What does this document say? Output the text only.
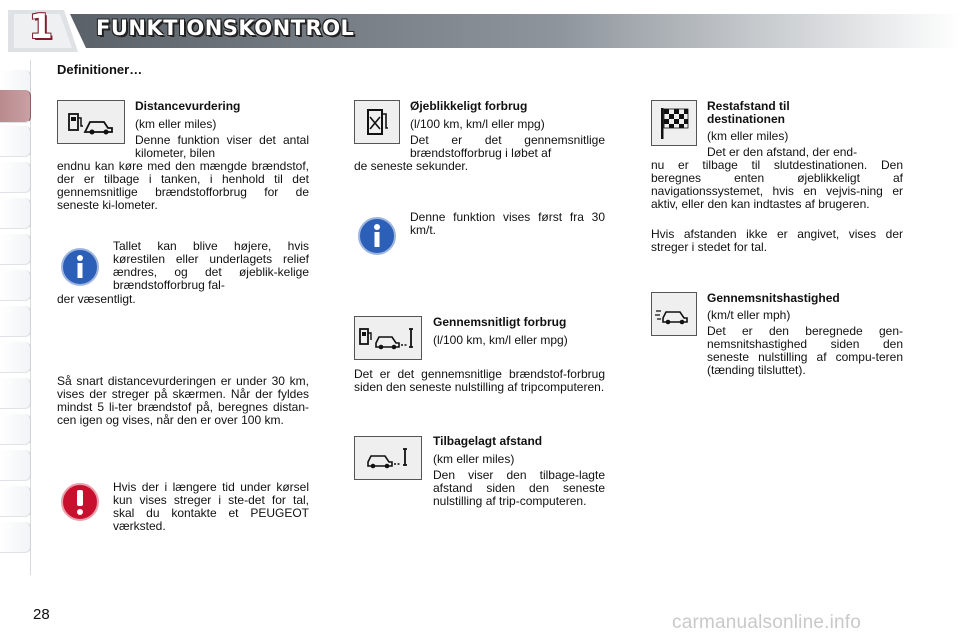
1	FUNKTIONSKONTROL
Definitioner…
Distancevurdering
(km eller miles)
Denne funktion viser det antal kilometer, bilen
endnu kan køre med den mængde brændstof, der er tilbage i tanken, i henhold til det gennemsnitlige brændstofforbrug for de seneste ki-lometer.
Tallet kan blive højere, hvis kørestilen eller underlagets relief ændres, og det øjeblik-kelige brændstofforbrug fal-
der væsentligt.
Så snart distancevurderingen er under 30 km, vises der streger på skærmen. Når der fyldes mindst 5 li-ter brændstof på, beregnes distan-cen igen og vises, når den er over 100 km.
Hvis der i længere tid under kørsel kun vises streger i ste-det for tal, skal du kontakte et PEUGEOT værksted.
Øjeblikkeligt forbrug
(l/100 km, km/l eller mpg)
Det er det gennemsnitlige brændstofforbrug i løbet af
de seneste sekunder.
Denne funktion vises først fra 30 km/t.
Gennemsnitligt forbrug
(l/100 km, km/l eller mpg)
Det er det gennemsnitlige brændstof-forbrug siden den seneste nulstilling af tripcomputeren.
Tilbagelagt afstand
(km eller miles)
Den viser den tilbage-lagte afstand siden den seneste nulstilling af trip-computeren.
Restafstand til destinationen
(km eller miles)
Det er den afstand, der end-
nu er tilbage til slutdestinationen. Den beregnes enten øjeblikkeligt af navigationssystemet, hvis en vejvis-ning er aktiv, eller den kan indtastes af brugeren.
Hvis afstanden ikke er angivet, vises der streger i stedet for tal.
Gennemsnitshastighed
(km/t eller mph)
Det er den beregnede gen-nemsnitshastighed siden den seneste nulstilling af compu-teren (tænding tilsluttet).
28	carmanualsonline.info
